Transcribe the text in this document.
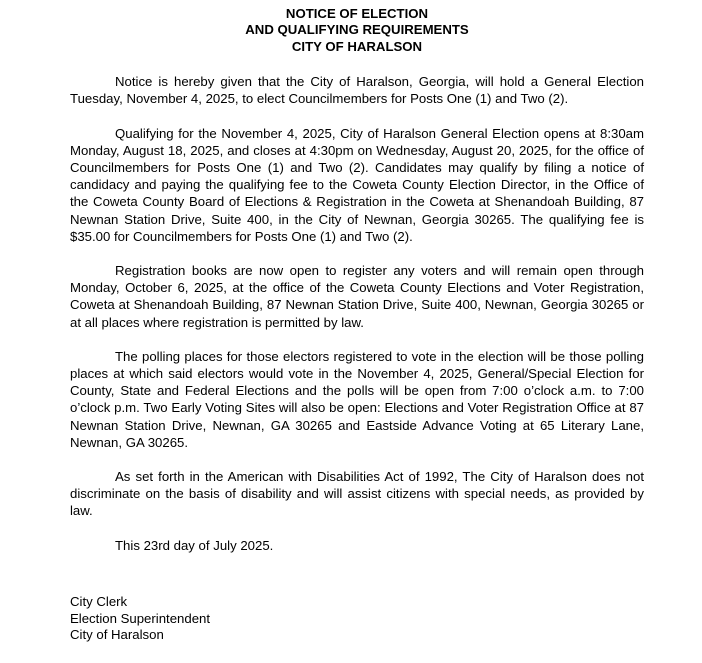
NOTICE OF ELECTION
AND QUALIFYING REQUIREMENTS
CITY OF HARALSON

Notice is hereby given that the City of Haralson, Georgia, will hold a General Election Tuesday, November 4, 2025, to elect Councilmembers for Posts One (1) and Two (2).

Qualifying for the November 4, 2025, City of Haralson General Election opens at 8:30am Monday, August 18, 2025, and closes at 4:30pm on Wednesday, August 20, 2025, for the office of Councilmembers for Posts One (1) and Two (2). Candidates may qualify by filing a notice of candidacy and paying the qualifying fee to the Coweta County Election Director, in the Office of the Coweta County Board of Elections & Registration in the Coweta at Shenandoah Building, 87 Newnan Station Drive, Suite 400, in the City of Newnan, Georgia 30265. The qualifying fee is $35.00 for Councilmembers for Posts One (1) and Two (2).

Registration books are now open to register any voters and will remain open through Monday, October 6, 2025, at the office of the Coweta County Elections and Voter Registration, Coweta at Shenandoah Building, 87 Newnan Station Drive, Suite 400, Newnan, Georgia 30265 or at all places where registration is permitted by law.

The polling places for those electors registered to vote in the election will be those polling places at which said electors would vote in the November 4, 2025, General/Special Election for County, State and Federal Elections and the polls will be open from 7:00 o’clock a.m. to 7:00 o’clock p.m. Two Early Voting Sites will also be open: Elections and Voter Registration Office at 87 Newnan Station Drive, Newnan, GA 30265 and Eastside Advance Voting at 65 Literary Lane, Newnan, GA 30265.

As set forth in the American with Disabilities Act of 1992, The City of Haralson does not discriminate on the basis of disability and will assist citizens with special needs, as provided by law.

This 23rd day of July 2025.

City Clerk
Election Superintendent
City of Haralson
